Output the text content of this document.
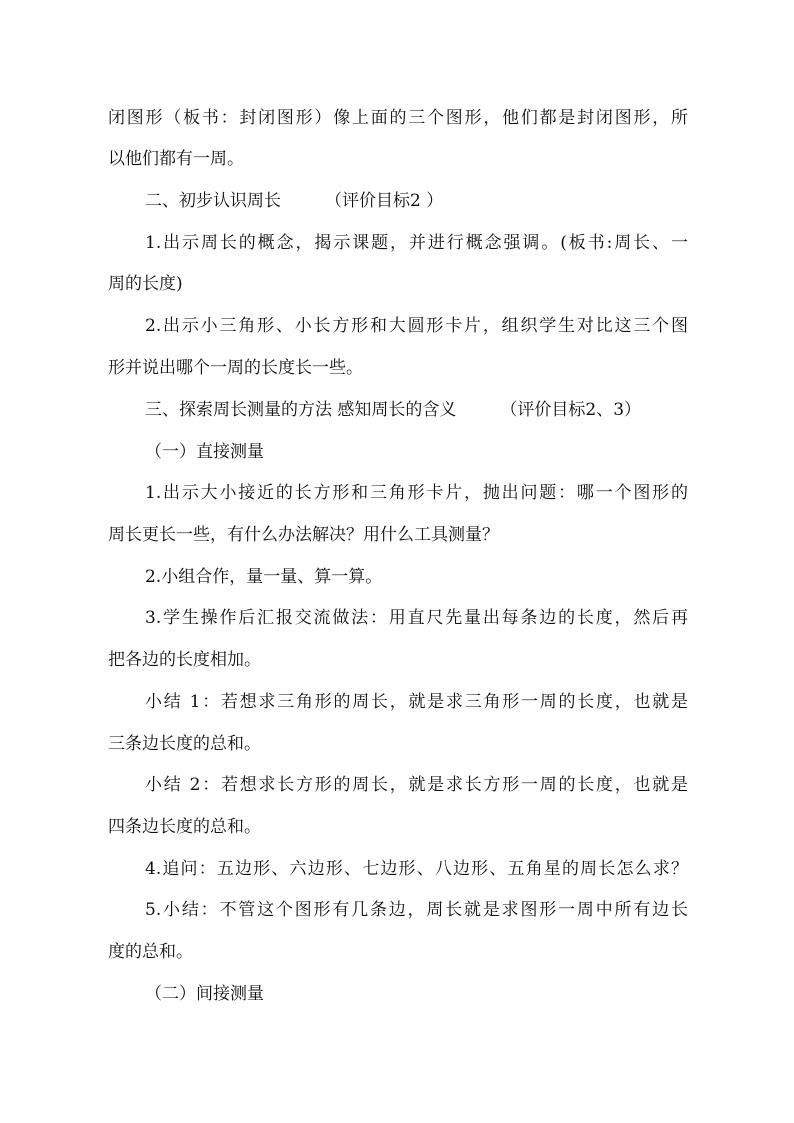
闭图形（板书：封闭图形）像上面的三个图形，他们都是封闭图形，所
以他们都有一周。
二、初步认识周长	（评价目标2 ）
1.出示周长的概念，揭示课题，并进行概念强调。(板书:周长、一
周的长度)
2.出示小三角形、小长方形和大圆形卡片，组织学生对比这三个图
形并说出哪个一周的长度长一些。
三、探索周长测量的方法 感知周长的含义	（评价目标2、3）
（一）直接测量
1.出示大小接近的长方形和三角形卡片，抛出问题：哪一个图形的
周长更长一些，有什么办法解决？用什么工具测量？
2.小组合作，量一量、算一算。
3.学生操作后汇报交流做法：用直尺先量出每条边的长度，然后再
把各边的长度相加。
小结 1：若想求三角形的周长，就是求三角形一周的长度，也就是
三条边长度的总和。
小结 2：若想求长方形的周长，就是求长方形一周的长度，也就是
四条边长度的总和。
4.追问：五边形、六边形、七边形、八边形、五角星的周长怎么求？
5.小结：不管这个图形有几条边，周长就是求图形一周中所有边长
度的总和。
（二）间接测量
